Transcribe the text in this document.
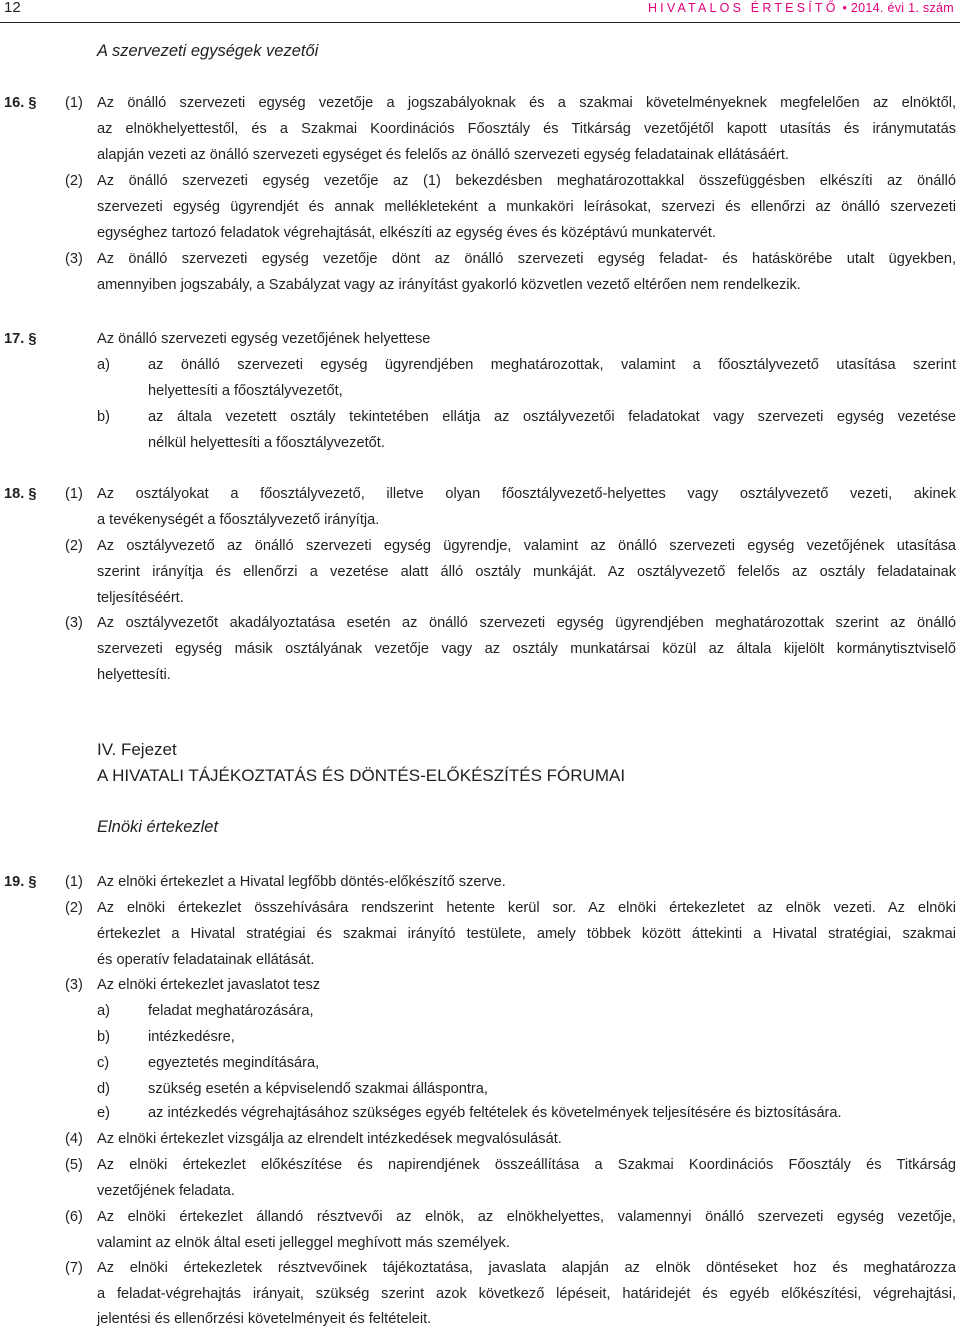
12	HIVATALOS ÉRTESÍTŐ • 2014. évi 1. szám
A szervezeti egységek vezetői
16. § (1) Az önálló szervezeti egység vezetője a jogszabályoknak és a szakmai követelményeknek megfelelően az elnöktől,
az elnökhelyettestől, és a Szakmai Koordinációs Főosztály és Titkárság vezetőjétől kapott utasítás és iránymutatás
alapján vezeti az önálló szervezeti egységet és felelős az önálló szervezeti egység feladatainak ellátásáért.
(2) Az önálló szervezeti egység vezetője az (1) bekezdésben meghatározottakkal összefüggésben elkészíti az önálló
szervezeti egység ügyrendjét és annak mellékleteként a munkaköri leírásokat, szervezi és ellenőrzi az önálló szervezeti
egységhez tartozó feladatok végrehajtását, elkészíti az egység éves és középtávú munkatervét.
(3) Az önálló szervezeti egység vezetője dönt az önálló szervezeti egység feladat- és hatáskörébe utalt ügyekben,
amennyiben jogszabály, a Szabályzat vagy az irányítást gyakorló közvetlen vezető eltérően nem rendelkezik.
17. §	Az önálló szervezeti egység vezetőjének helyettese
a)	az önálló szervezeti egység ügyrendjében meghatározottak, valamint a főosztályvezető utasítása szerint
helyettesíti a főosztályvezetőt,
b)	az általa vezetett osztály tekintetében ellátja az osztályvezetői feladatokat vagy szervezeti egység vezetése
nélkül helyettesíti a főosztályvezetőt.
18. § (1) Az osztályokat a főosztályvezető, illetve olyan főosztályvezető-helyettes vagy osztályvezető vezeti, akinek
a tevékenységét a főosztályvezető irányítja.
(2) Az osztályvezető az önálló szervezeti egység ügyrendje, valamint az önálló szervezeti egység vezetőjének utasítása
szerint irányítja és ellenőrzi a vezetése alatt álló osztály munkáját. Az osztályvezető felelős az osztály feladatainak
teljesítéséért.
(3) Az osztályvezetőt akadályoztatása esetén az önálló szervezeti egység ügyrendjében meghatározottak szerint az önálló
szervezeti egység másik osztályának vezetője vagy az osztály munkatársai közül az általa kijelölt kormánytisztviselő
helyettesíti.
IV. Fejezet
A HIVATALI TÁJÉKOZTATÁS ÉS DÖNTÉS-ELŐKÉSZÍTÉS FÓRUMAI
Elnöki értekezlet
19. § (1) Az elnöki értekezlet a Hivatal legfőbb döntés-előkészítő szerve.
(2) Az elnöki értekezlet összehívására rendszerint hetente kerül sor. Az elnöki értekezletet az elnök vezeti. Az elnöki
értekezlet a Hivatal stratégiai és szakmai irányító testülete, amely többek között áttekinti a Hivatal stratégiai, szakmai
és operatív feladatainak ellátását.
(3) Az elnöki értekezlet javaslatot tesz
a)	feladat meghatározására,
b)	intézkedésre,
c)	egyeztetés megindítására,
d)	szükség esetén a képviselendő szakmai álláspontra,
e)	az intézkedés végrehajtásához szükséges egyéb feltételek és követelmények teljesítésére és biztosítására.
(4) Az elnöki értekezlet vizsgálja az elrendelt intézkedések megvalósulását.
(5) Az elnöki értekezlet előkészítése és napirendjének összeállítása a Szakmai Koordinációs Főosztály és Titkárság
vezetőjének feladata.
(6) Az elnöki értekezlet állandó résztvevői az elnök, az elnökhelyettes, valamennyi önálló szervezeti egység vezetője,
valamint az elnök által eseti jelleggel meghívott más személyek.
(7) Az elnöki értekezletek résztvevőinek tájékoztatása, javaslata alapján az elnök döntéseket hoz és meghatározza
a feladat-végrehajtás irányait, szükség szerint azok következő lépéseit, határidejét és egyéb előkészítési, végrehajtási,
jelentési és ellenőrzési követelményeit és feltételeit.
